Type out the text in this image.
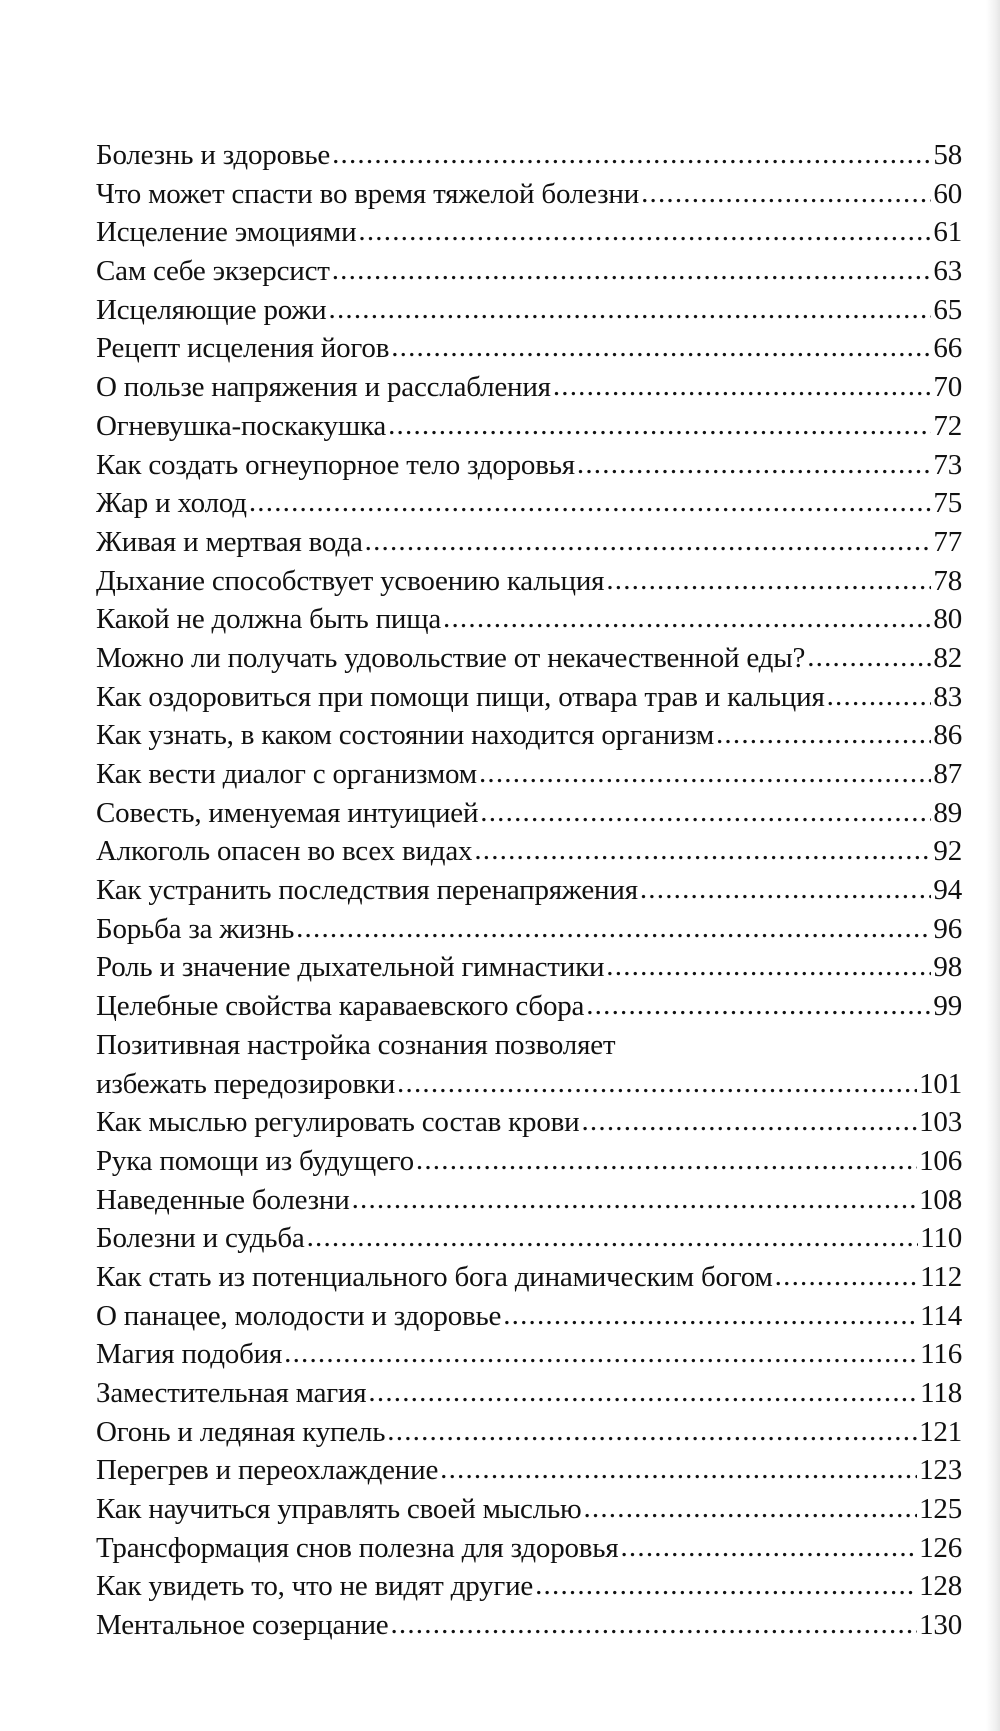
Болезнь и здоровье .....	58
Что может спасти во время тяжелой болезни .....	60
Исцеление эмоциями .....	61
Сам себе экзерсист .....	63
Исцеляющие рожи .....	65
Рецепт исцеления йогов .....	66
О пользе напряжения и расслабления .....	70
Огневушка-поскакушка .....	72
Как создать огнеупорное тело здоровья .....	73
Жар и холод .....	75
Живая и мертвая вода .....	77
Дыхание способствует усвоению кальция .....	78
Какой не должна быть пища .....	80
Можно ли получать удовольствие от некачественной еды? .....	82
Как оздоровиться при помощи пищи, отвара трав и кальция .....	83
Как узнать, в каком состоянии находится организм .....	86
Как вести диалог с организмом .....	87
Совесть, именуемая интуицией .....	89
Алкоголь опасен во всех видах .....	92
Как устранить последствия перенапряжения .....	94
Борьба за жизнь .....	96
Роль и значение дыхательной гимнастики .....	98
Целебные свойства караваевского сбора .....	99
Позитивная настройка сознания позволяет
избежать передозировки .....	101
Как мыслью регулировать состав крови .....	103
Рука помощи из будущего .....	106
Наведенные болезни .....	108
Болезни и судьба .....	110
Как стать из потенциального бога динамическим богом .....	112
О панацее, молодости и здоровье .....	114
Магия подобия .....	116
Заместительная магия .....	118
Огонь и ледяная купель .....	121
Перегрев и переохлаждение .....	123
Как научиться управлять своей мыслью .....	125
Трансформация снов полезна для здоровья .....	126
Как увидеть то, что не видят другие .....	128
Ментальное созерцание .....	130
